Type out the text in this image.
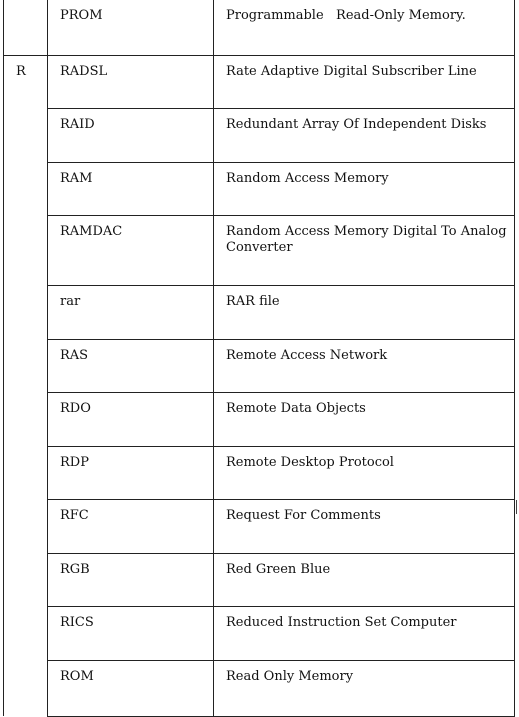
	PROM	Programmable   Read-Only Memory.
R	RADSL	Rate Adaptive Digital Subscriber Line
	RAID	Redundant Array Of Independent Disks
	RAM	Random Access Memory
	RAMDAC	Random Access Memory Digital To Analog Converter
	rar	RAR file
	RAS	Remote Access Network
	RDO	Remote Data Objects
	RDP	Remote Desktop Protocol
	RFC	Request For Comments
	RGB	Red Green Blue
	RICS	Reduced Instruction Set Computer
	ROM	Read Only Memory
